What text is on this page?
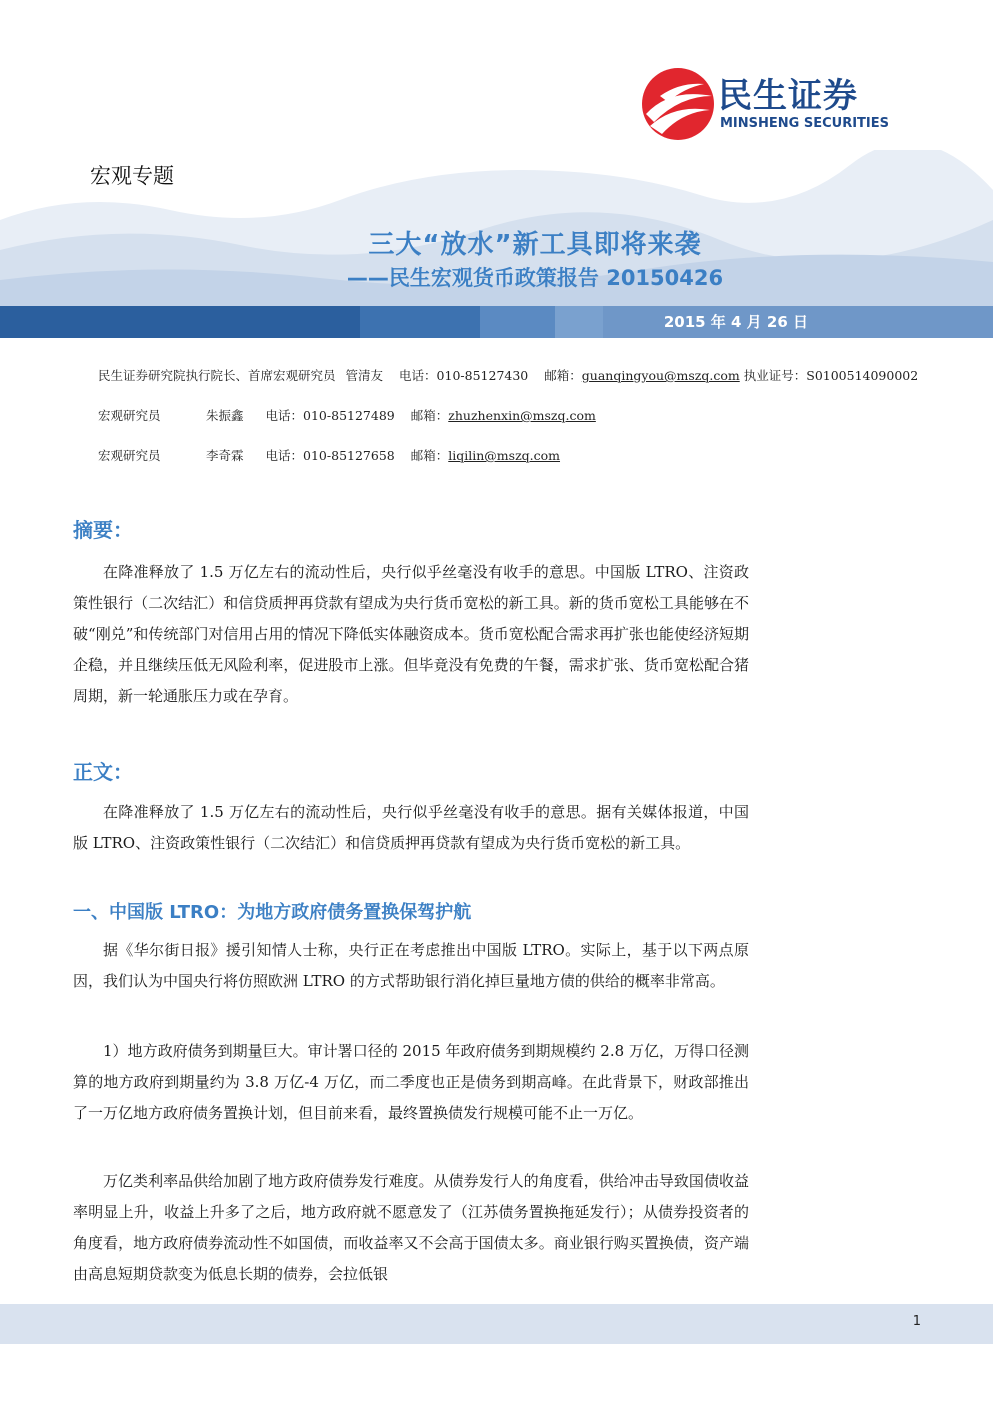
民生证券
MINSHENG SECURITIES
宏观专题
三大“放水”新工具即将来袭
——民生宏观货币政策报告 20150426
2015 年 4 月 26 日
民生证券研究院执行院长、首席宏观研究员 管清友 电话：010-85127430 邮箱：guanqingyou@mszq.com 执业证号：S0100514090002
宏观研究员	朱振鑫 电话：010-85127489 邮箱：zhuzhenxin@mszq.com
宏观研究员	李奇霖 电话：010-85127658 邮箱：liqilin@mszq.com
摘要：

在降准释放了 1.5 万亿左右的流动性后，央行似乎丝毫没有收手的意思。中国版 LTRO、注资政策性银行（二次结汇）和信贷质押再贷款有望成为央行货币宽松的新工具。新的货币宽松工具能够在不破“刚兑”和传统部门对信用占用的情况下降低实体融资成本。货币宽松配合需求再扩张也能使经济短期企稳，并且继续压低无风险利率，促进股市上涨。但毕竟没有免费的午餐，需求扩张、货币宽松配合猪周期，新一轮通胀压力或在孕育。

正文：

在降准释放了 1.5 万亿左右的流动性后，央行似乎丝毫没有收手的意思。据有关媒体报道，中国版 LTRO、注资政策性银行（二次结汇）和信贷质押再贷款有望成为央行货币宽松的新工具。

一、中国版 LTRO：为地方政府债务置换保驾护航

据《华尔街日报》援引知情人士称，央行正在考虑推出中国版 LTRO。实际上，基于以下两点原因，我们认为中国央行将仿照欧洲 LTRO 的方式帮助银行消化掉巨量地方债的供给的概率非常高。

1）地方政府债务到期量巨大。审计署口径的 2015 年政府债务到期规模约 2.8 万亿，万得口径测算的地方政府到期量约为 3.8 万亿-4 万亿，而二季度也正是债务到期高峰。在此背景下，财政部推出了一万亿地方政府债务置换计划，但目前来看，最终置换债发行规模可能不止一万亿。

万亿类利率品供给加剧了地方政府债券发行难度。从债券发行人的角度看，供给冲击导致国债收益率明显上升，收益上升多了之后，地方政府就不愿意发了（江苏债务置换拖延发行）；从债券投资者的角度看，地方政府债券流动性不如国债，而收益率又不会高于国债太多。商业银行购买置换债，资产端由高息短期贷款变为低息长期的债券，会拉低银

1
